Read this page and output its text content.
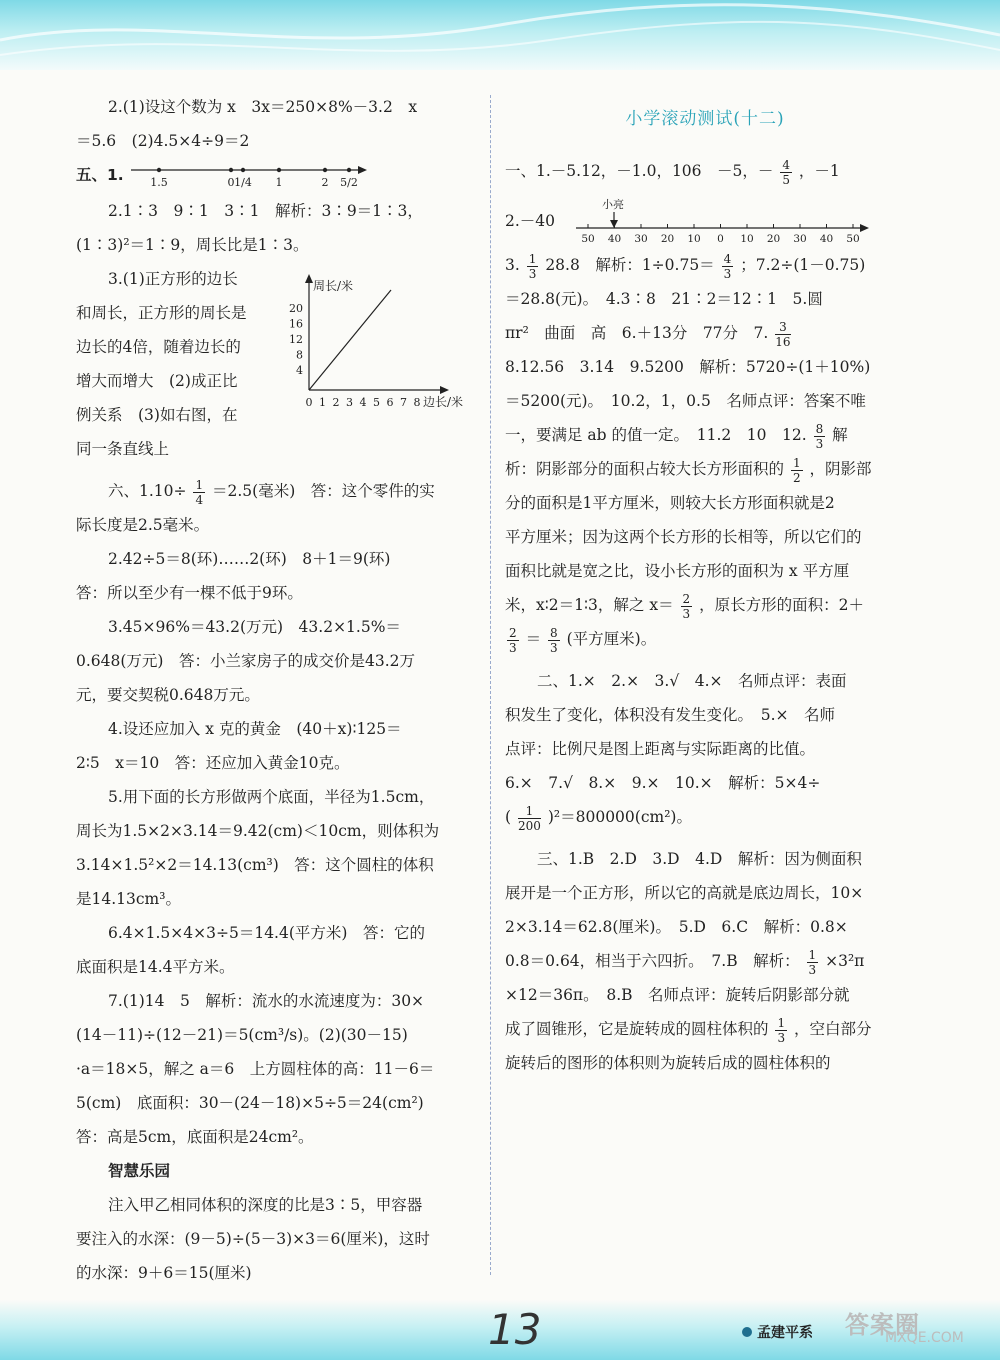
2.(1)设这个数为 x　3x＝250×8%－3.2　x

＝5.6　(2)4.5×4÷9＝2

五、1. 1.5	0 1/4 1	2 5/2

2.1∶3　9∶1　3∶1　解析：3∶9＝1∶3，

(1∶3)²＝1∶9，周长比是1∶3。

3.(1)正方形的边长

和周长，正方形的周长是

边长的4倍，随着边长的

增大而增大　(2)成正比

例关系　(3)如右图，在

同一条直线上

六、$1.10\div \frac{1}{4} =2.5$(毫米)　答：这个零件的实

际长度是2.5毫米。

2.42÷5＝8(环)……2(环)　8＋1＝9(环)

答：所以至少有一棵不低于9环。

3.45×96%＝43.2(万元)　43.2×1.5%＝

0.648(万元)　答：小兰家房子的成交价是43.2万

元，要交契税0.648万元。

4.设还应加入 x 克的黄金　(40＋x)∶125＝

2∶5　x＝10　答：还应加入黄金10克。

5.用下面的长方形做两个底面，半径为1.5cm，

周长为1.5×2×3.14＝9.42(cm)＜10cm，则体积为

3.14×1.5²×2＝14.13(cm³)　答：这个圆柱的体积

是14.13cm³。

6.4×1.5×4×3÷5＝14.4(平方米)　答：它的

底面积是14.4平方米。

7.(1)14　5　解析：流水的水流速度为：30×

(14－11)÷(12－21)＝5(cm³/s)。(2)(30－15)

·a＝18×5，解之 a＝6　上方圆柱体的高：11－6＝

5(cm)　底面积：30－(24－18)×5÷5＝24(cm²)

答：高是5cm，底面积是24cm²。

智慧乐园

注入甲乙相同体积的深度的比是3∶5，甲容器

要注入的水深：(9－5)÷(5－3)×3＝6(厘米)，这时

的水深：9＋6＝15(厘米)

周长/米
边长/米
20
16
12
8
4
0 1 2 3 4 5 6 7 8

小学滚动测试(十二)

一、1.－5.12，－1.0，106　－5，－ $\frac{4}{5}$ ，－1

2.－40
小亮
50 40 30 20 10 0 10 20 30 40 50

3. $\frac{1}{3} 28.8$　解析：$1\div 0.75= \frac{4}{3}$ ；7.2÷(1－0.75)

＝28.8(元)。　4.3∶8　21∶2＝12∶1　5.圆

πr²　曲面　高　6.＋13分　77分　7. $\frac{3}{16}$

8.12.56　3.14　9.5200　解析：5720÷(1＋10%)

＝5200(元)。　10.2，1，0.5　名师点评：答案不唯

一，要满足 ab 的值一定。　11.2　10　12. $\frac{8}{3}$ 解

析：阴影部分的面积占较大长方形面积的 $\frac{1}{2}$ ，阴影部

分的面积是1平方厘米，则较大长方形面积就是2

平方厘米；因为这两个长方形的长相等，所以它们的

面积比就是宽之比，设小长方形的面积为 x 平方厘

米，x∶2＝1∶3，解之 $x= \frac{2}{3}$ ，原长方形的面积：2＋

$\frac{2}{3} = \frac{8}{3}$ (平方厘米)。

二、1.×　2.×　3.√　4.×　名师点评：表面

积发生了变化，体积没有发生变化。　5.×　名师

点评：比例尺是图上距离与实际距离的比值。

6.×　7.√　8.×　9.×　10.×　解析：5×4÷

( $\frac{1}{200} )^2=800000(cm^2)$。

三、1.B　2.D　3.D　4.D　解析：因为侧面积

展开是一个正方形，所以它的高就是底边周长，10×

2×3.14＝62.8(厘米)。　5.D　6.C　解析：0.8×

0.8＝0.64，相当于六四折。　7.B　解析： $\frac{1}{3} \times 3^2\pi$

×12＝36π。　8.B　名师点评：旋转后阴影部分就

成了圆锥形，它是旋转成的圆柱体积的 $\frac{1}{3}$ ，空白部分

旋转后的图形的体积则为旋转后成的圆柱体积的

13	孟建平系 答案圈
MXQE.COM
